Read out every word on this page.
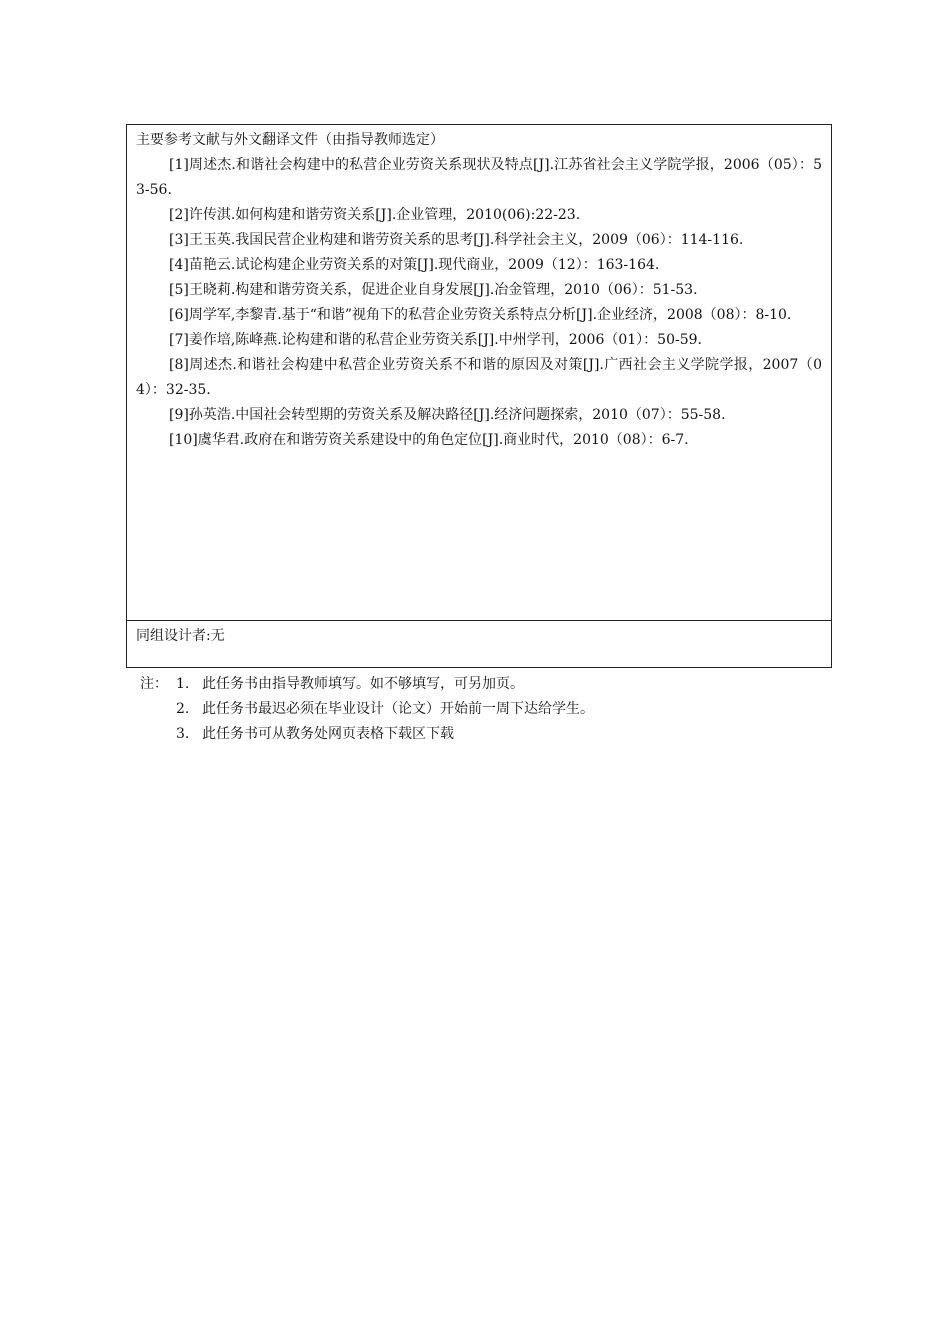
主要参考文献与外文翻译文件（由指导教师选定）
[1]周述杰.和谐社会构建中的私营企业劳资关系现状及特点[J].江苏省社会主义学院学报，2006（05）：53-56.
[2]许传淇.如何构建和谐劳资关系[J].企业管理，2010(06):22-23.
[3]王玉英.我国民营企业构建和谐劳资关系的思考[J].科学社会主义，2009（06）：114-116.
[4]苗艳云.试论构建企业劳资关系的对策[J].现代商业，2009（12）：163-164.
[5]王晓莉.构建和谐劳资关系，促进企业自身发展[J].冶金管理，2010（06）：51-53.
[6]周学军,李黎青.基于“和谐”视角下的私营企业劳资关系特点分析[J].企业经济，2008（08）：8-10.
[7]姜作培,陈峰燕.论构建和谐的私营企业劳资关系[J].中州学刊，2006（01）：50-59.
[8]周述杰.和谐社会构建中私营企业劳资关系不和谐的原因及对策[J].广西社会主义学院学报，2007（04）：32-35.
[9]孙英浩.中国社会转型期的劳资关系及解决路径[J].经济问题探索，2010（07）：55-58.
[10]虞华君.政府在和谐劳资关系建设中的角色定位[J].商业时代，2010（08）：6-7.
同组设计者:无
注： 1. 此任务书由指导教师填写。如不够填写，可另加页。
2. 此任务书最迟必须在毕业设计（论文）开始前一周下达给学生。
3. 此任务书可从教务处网页表格下载区下载
